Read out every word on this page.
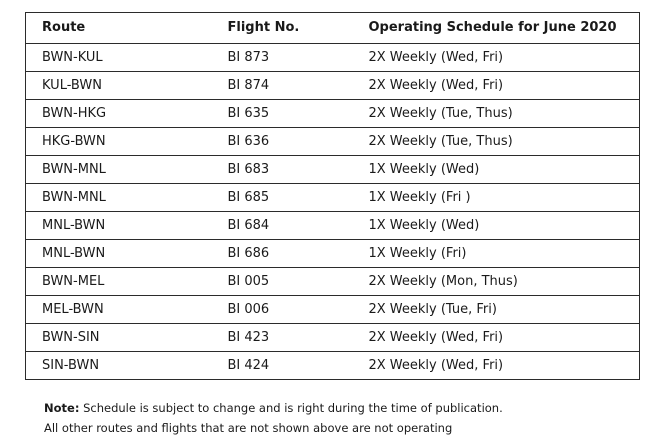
Route	Flight No.	Operating Schedule for June 2020
BWN-KUL	BI 873	2X Weekly (Wed, Fri)
KUL-BWN	BI 874	2X Weekly (Wed, Fri)
BWN-HKG	BI 635	2X Weekly (Tue, Thus)
HKG-BWN	BI 636	2X Weekly (Tue, Thus)
BWN-MNL	BI 683	1X Weekly (Wed)
BWN-MNL	BI 685	1X Weekly (Fri )
MNL-BWN	BI 684	1X Weekly (Wed)
MNL-BWN	BI 686	1X Weekly (Fri)
BWN-MEL	BI 005	2X Weekly (Mon, Thus)
MEL-BWN	BI 006	2X Weekly (Tue, Fri)
BWN-SIN	BI 423	2X Weekly (Wed, Fri)
SIN-BWN	BI 424	2X Weekly (Wed, Fri)
Note: Schedule is subject to change and is right during the time of publication.
All other routes and flights that are not shown above are not operating
